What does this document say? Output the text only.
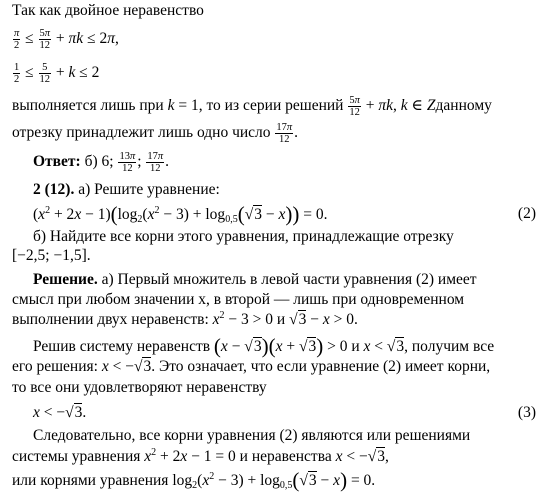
Так как двойное неравенство
$\frac{\pi}{2} \le \frac{5\pi}{12} + \pi k \le 2\pi$,
$\frac{1}{2} \le \frac{5}{12} + k \le 2$
выполняется лишь при k = 1, то из серии решений $\frac{5\pi}{12} + \pi k$, k ∈ Zданному
отрезку принадлежит лишь одно число $\frac{17\pi}{12}$ .
Ответ: б) 6; $\frac{13\pi}{12}$ ; $\frac{17\pi}{12}$ .
2 (12). а) Решите уравнение:
$(x^2 + 2x - 1)(\log_2(x^2 - 3) + \log_{0,5}(√3 - x)) = 0$.	(2)
б) Найдите все корни этого уравнения, принадлежащие отрезку
[−2,5; −1,5].
Решение. а) Первый множитель в левой части уравнения (2) имеет
смысл при любом значении x, в второй — лишь при одновременном
выполнении двух неравенств: $x^2 - 3 > 0$ и √3 − x > 0.
Решив систему неравенств (x − √3)(x + √3) > 0 и x < √3, получим все
его решения: x < −√3. Это означает, что если уравнение (2) имеет корни,
то все они удовлетворяют неравенству
x < −√3.	(3)
Следовательно, все корни уравнения (2) являются или решениями
системы уравнения $x^2 + 2x - 1 = 0$ и неравенства x < −√3,
или корнями уравнения $\log_2(x^2 - 3) + \log_{0,5}(√3 - x) = 0$.
